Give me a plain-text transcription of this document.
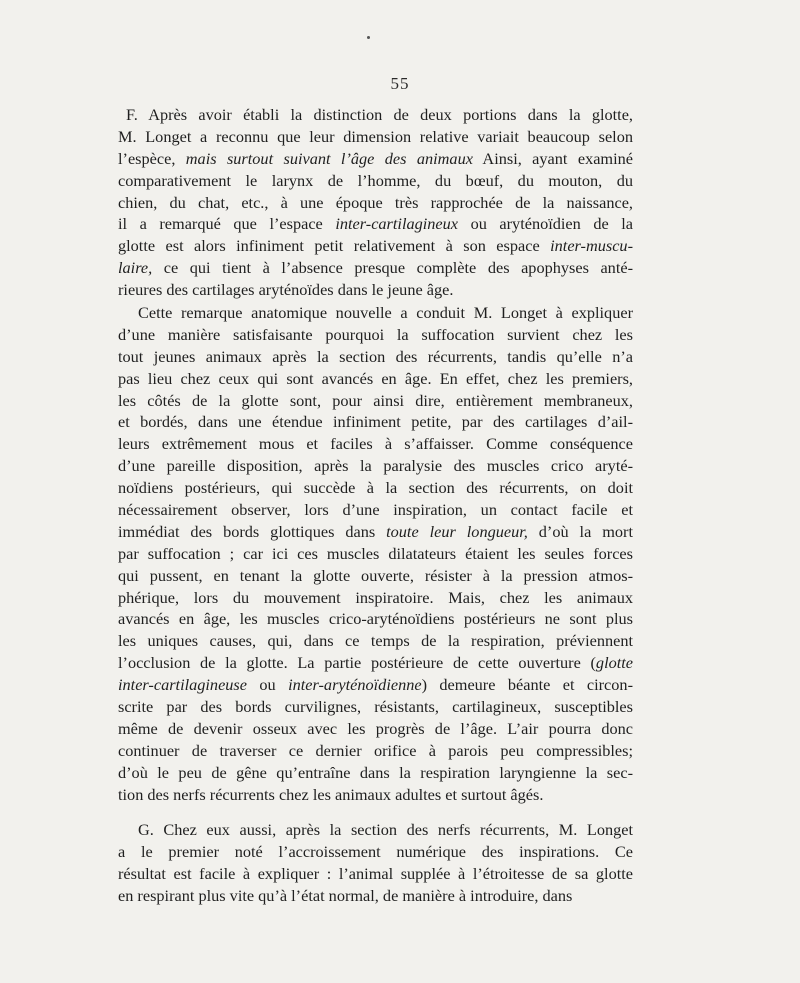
55
F. Après avoir établi la distinction de deux portions dans la glotte,
M. Longet a reconnu que leur dimension relative variait beaucoup selon
l’espèce, mais surtout suivant l’âge des animaux Ainsi, ayant examiné
comparativement le larynx de l’homme, du bœuf, du mouton, du
chien, du chat, etc., à une époque très rapprochée de la naissance,
il a remarqué que l’espace inter-cartilagineux ou aryténoïdien de la
glotte est alors infiniment petit relativement à son espace inter-muscu-
laire, ce qui tient à l’absence presque complète des apophyses anté-
rieures des cartilages aryténoïdes dans le jeune âge.
Cette remarque anatomique nouvelle a conduit M. Longet à expliquer
d’une manière satisfaisante pourquoi la suffocation survient chez les
tout jeunes animaux après la section des récurrents, tandis qu’elle n’a
pas lieu chez ceux qui sont avancés en âge. En effet, chez les premiers,
les côtés de la glotte sont, pour ainsi dire, entièrement membraneux,
et bordés, dans une étendue infiniment petite, par des cartilages d’ail-
leurs extrêmement mous et faciles à s’affaisser. Comme conséquence
d’une pareille disposition, après la paralysie des muscles crico aryté-
noïdiens postérieurs, qui succède à la section des récurrents, on doit
nécessairement observer, lors d’une inspiration, un contact facile et
immédiat des bords glottiques dans toute leur longueur, d’où la mort
par suffocation ; car ici ces muscles dilatateurs étaient les seules forces
qui pussent, en tenant la glotte ouverte, résister à la pression atmos-
phérique, lors du mouvement inspiratoire. Mais, chez les animaux
avancés en âge, les muscles crico-aryténoïdiens postérieurs ne sont plus
les uniques causes, qui, dans ce temps de la respiration, préviennent
l’occlusion de la glotte. La partie postérieure de cette ouverture (glotte
inter-cartilagineuse ou inter-aryténoïdienne) demeure béante et circon-
scrite par des bords curvilignes, résistants, cartilagineux, susceptibles
même de devenir osseux avec les progrès de l’âge. L’air pourra donc
continuer de traverser ce dernier orifice à parois peu compressibles;
d’où le peu de gêne qu’entraîne dans la respiration laryngienne la sec-
tion des nerfs récurrents chez les animaux adultes et surtout âgés.
G. Chez eux aussi, après la section des nerfs récurrents, M. Longet
a le premier noté l’accroissement numérique des inspirations. Ce
résultat est facile à expliquer : l’animal supplée à l’étroitesse de sa glotte
en respirant plus vite qu’à l’état normal, de manière à introduire, dans
